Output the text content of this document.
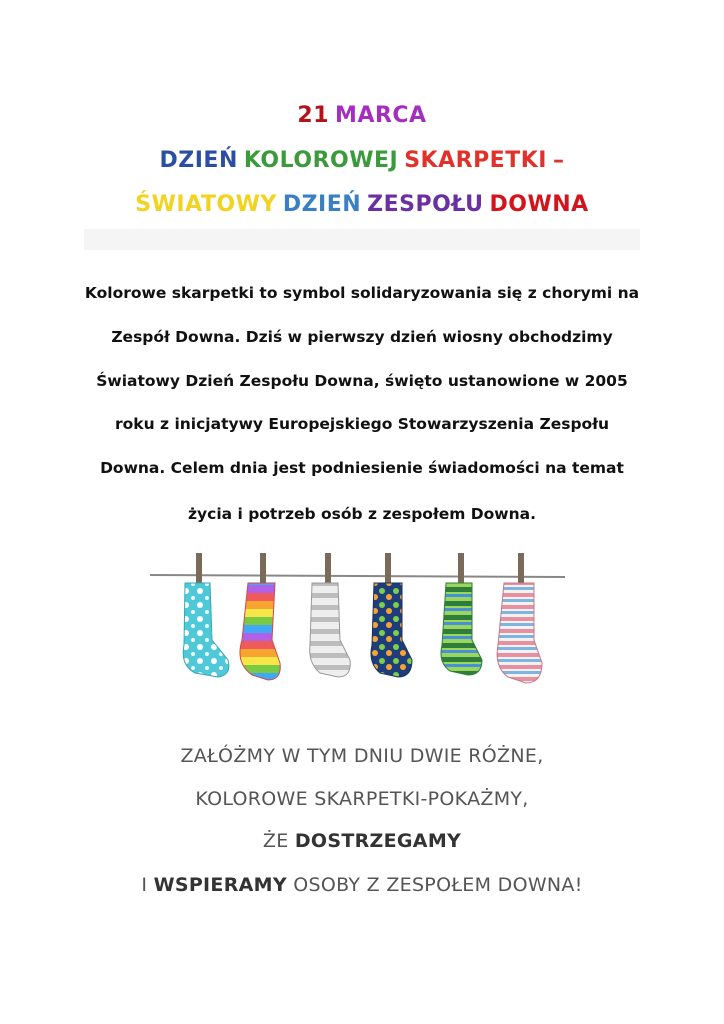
21 MARCA
DZIEŃ KOLOROWEJ SKARPETKI –
ŚWIATOWY DZIEŃ ZESPOŁU DOWNA
Kolorowe skarpetki to symbol solidaryzowania się z chorymi na
Zespół Downa. Dziś w pierwszy dzień wiosny obchodzimy
Światowy Dzień Zespołu Downa, święto ustanowione w 2005
roku z inicjatywy Europejskiego Stowarzyszenia Zespołu
Downa. Celem dnia jest podniesienie świadomości na temat
życia i potrzeb osób z zespołem Downa.
ZAŁÓŻMY W TYM DNIU DWIE RÓŻNE,
KOLOROWE SKARPETKI-POKAŻMY,
ŻE DOSTRZEGAMY
I WSPIERAMY OSOBY Z ZESPOŁEM DOWNA!
